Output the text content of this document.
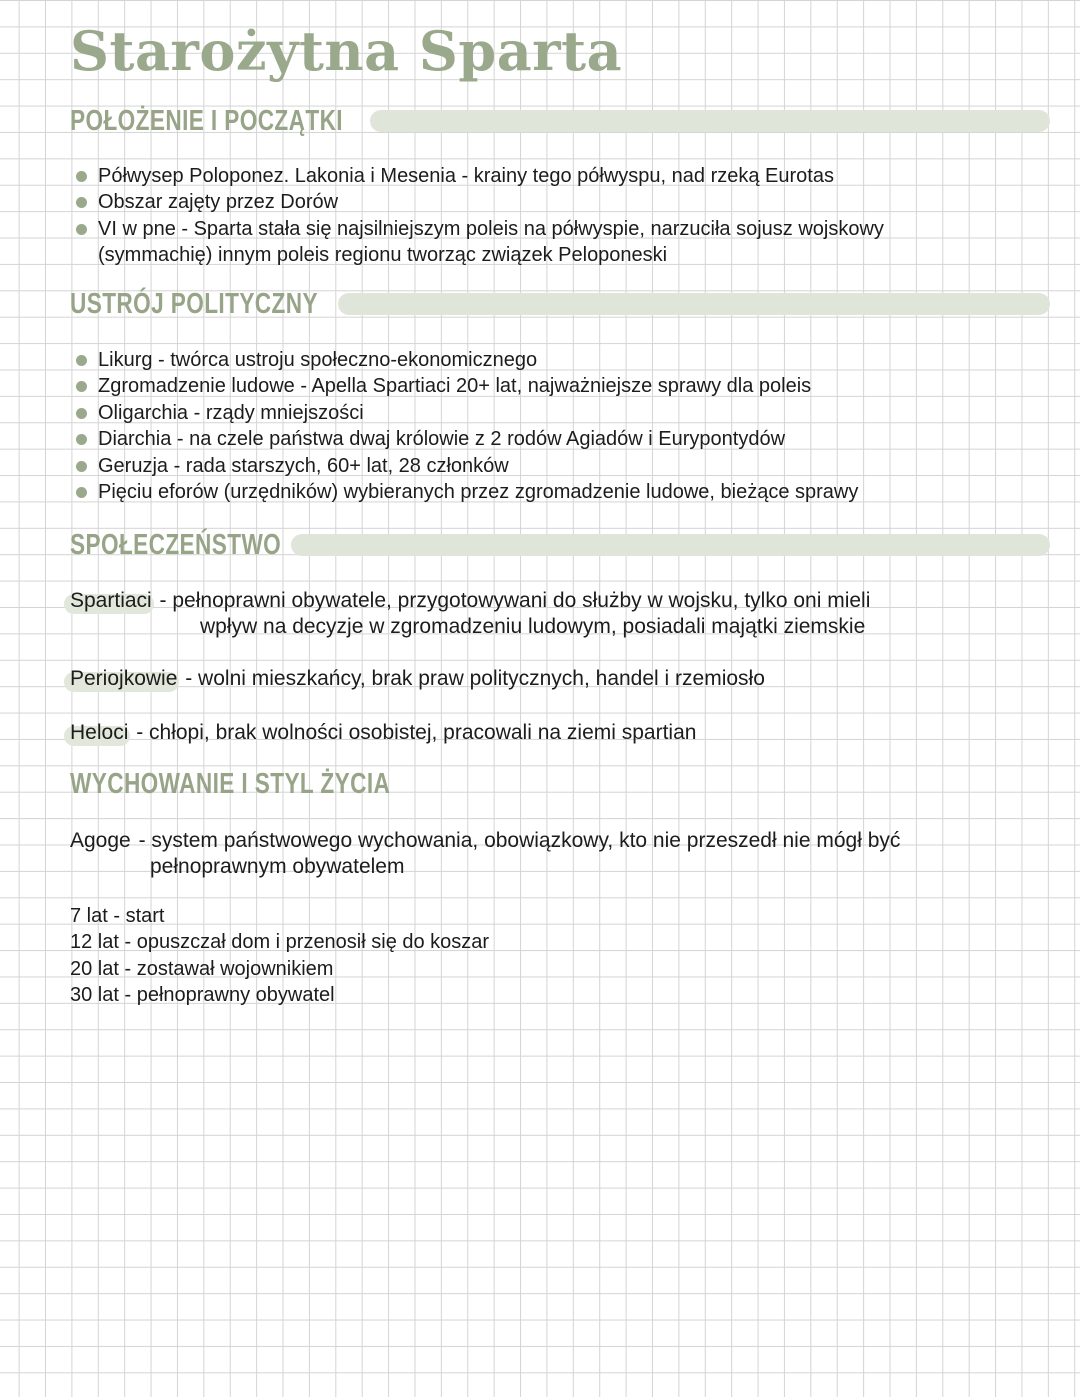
Starożytna Sparta
POŁOŻENIE I POCZĄTKI
Półwysep Poloponez. Lakonia i Mesenia - krainy tego półwyspu, nad rzeką Eurotas
Obszar zajęty przez Dorów
VI w pne - Sparta stała się najsilniejszym poleis na półwyspie, narzuciła sojusz wojskowy
(symmachię) innym poleis regionu tworząc związek Peloponeski
USTRÓJ POLITYCZNY
Likurg - twórca ustroju społeczno-ekonomicznego
Zgromadzenie ludowe - Apella Spartiaci 20+ lat, najważniejsze sprawy dla poleis
Oligarchia - rządy mniejszości
Diarchia - na czele państwa dwaj królowie z 2 rodów Agiadów i Eurypontydów
Geruzja - rada starszych, 60+ lat, 28 członków
Pięciu eforów (urzędników) wybieranych przez zgromadzenie ludowe, bieżące sprawy
SPOŁECZEŃSTWO
Spartiaci - pełnoprawni obywatele, przygotowywani do służby w wojsku, tylko oni mieli
wpływ na decyzje w zgromadzeniu ludowym, posiadali majątki ziemskie
Periojkowie - wolni mieszkańcy, brak praw politycznych, handel i rzemiosło
Heloci - chłopi, brak wolności osobistej, pracowali na ziemi spartian
WYCHOWANIE I STYL ŻYCIA
Agoge - system państwowego wychowania, obowiązkowy, kto nie przeszedł nie mógł być
pełnoprawnym obywatelem
7 lat - start
12 lat - opuszczał dom i przenosił się do koszar
20 lat - zostawał wojownikiem
30 lat - pełnoprawny obywatel
